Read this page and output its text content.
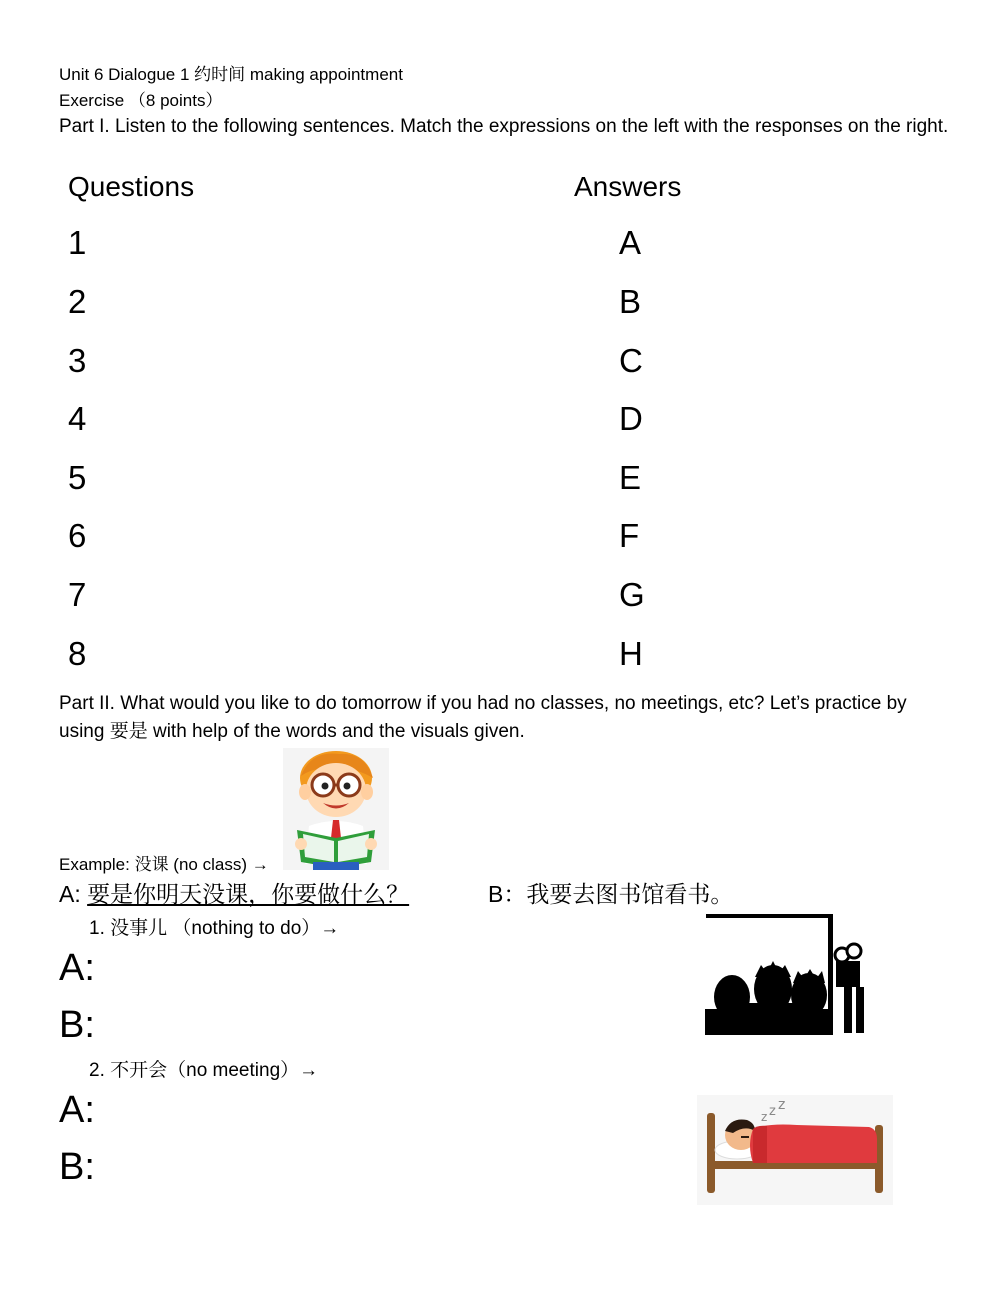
Unit 6 Dialogue 1 约时间 making appointment
Exercise （8 points）
Part I. Listen to the following sentences. Match the expressions on the left with the responses on the right.
Questions	Answers
1
2
3
4
5
6
7
8
A
B
C
D
E
F
G
H
Part II. What would you like to do tomorrow if you had no classes, no meetings, etc? Let’s practice by using 要是 with help of the words and the visuals given.
Example: 没课 (no class) →
A: 要是你明天没课，你要做什么？	B：我要去图书馆看书。
1. 没事儿 （nothing to do）→
A:
B:
2. 不开会（no meeting）→
A:
B:
z z z
